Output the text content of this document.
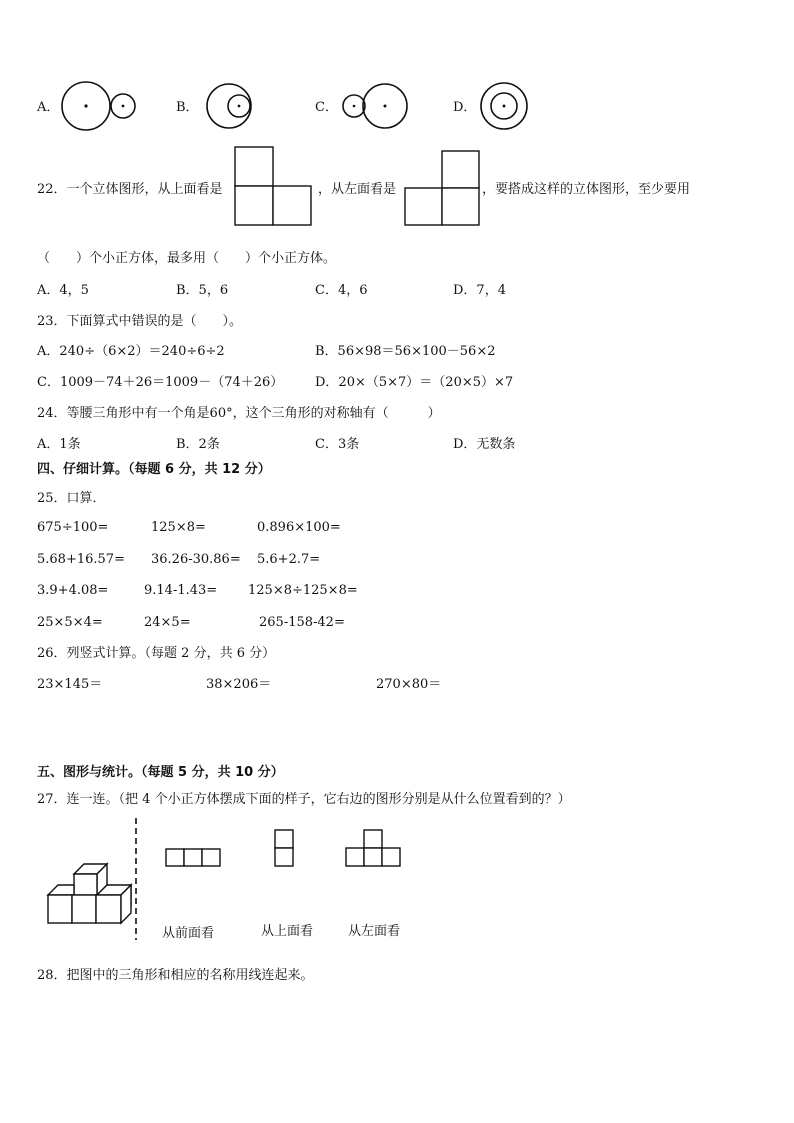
A．	B．	C．	D．
22．一个立体图形，从上面看是	，从左面看是	，要搭成这样的立体图形，至少要用
（　　）个小正方体，最多用（　　）个小正方体。
A．4，5	B．5，6	C．4，6	D．7，4
23．下面算式中错误的是（　　）。
A．240÷（6×2）＝240÷6÷2	B．56×98＝56×100－56×2
C．1009－74＋26＝1009－（74＋26） D．20×（5×7）＝（20×5）×7
24．等腰三角形中有一个角是60°，这个三角形的对称轴有（　　　）
A．1条	B．2条	C．3条	D．无数条
四、仔细计算。（每题 6 分，共 12 分）
25．口算．
675÷100=	125×8=	0.896×100=
5.68+16.57= 36.26-30.86= 5.6+2.7=
3.9+4.08=	9.14-1.43= 125×8÷125×8=
25×5×4=	24×5=	265-158-42=
26．列竖式计算。（每题 2 分，共 6 分）
23×145＝	38×206＝	270×80＝
五、图形与统计。（每题 5 分，共 10 分）
27．连一连。（把 4 个小正方体摆成下面的样子，它右边的图形分别是从什么位置看到的？）
从前面看	从上面看	从左面看
28．把图中的三角形和相应的名称用线连起来。
